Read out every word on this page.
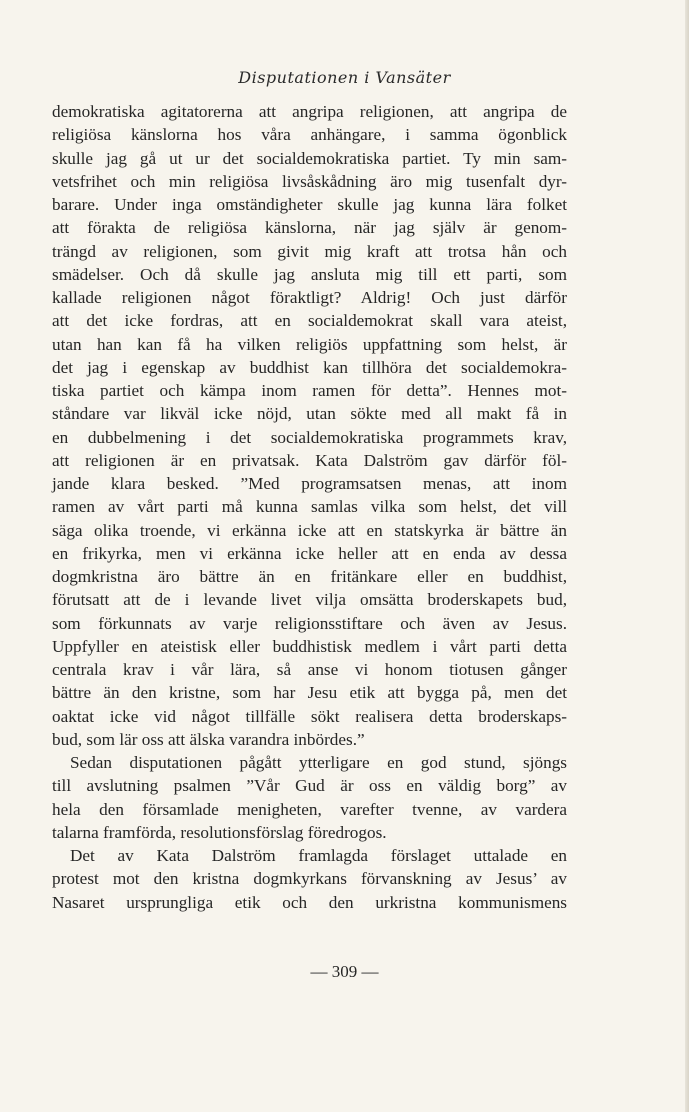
Disputationen i Vansäter
demokratiska agitatorerna att angripa religionen, att angripa de
religiösa känslorna hos våra anhängare, i samma ögonblick
skulle jag gå ut ur det socialdemokratiska partiet. Ty min sam-
vetsfrihet och min religiösa livsåskådning äro mig tusenfalt dyr-
barare. Under inga omständigheter skulle jag kunna lära folket
att förakta de religiösa känslorna, när jag själv är genom-
trängd av religionen, som givit mig kraft att trotsa hån och
smädelser. Och då skulle jag ansluta mig till ett parti, som
kallade religionen något föraktligt? Aldrig! Och just därför
att det icke fordras, att en socialdemokrat skall vara ateist,
utan han kan få ha vilken religiös uppfattning som helst, är
det jag i egenskap av buddhist kan tillhöra det socialdemokra-
tiska partiet och kämpa inom ramen för detta”. Hennes mot-
ståndare var likväl icke nöjd, utan sökte med all makt få in
en dubbelmening i det socialdemokratiska programmets krav,
att religionen är en privatsak. Kata Dalström gav därför föl-
jande klara besked. ”Med programsatsen menas, att inom
ramen av vårt parti må kunna samlas vilka som helst, det vill
säga olika troende, vi erkänna icke att en statskyrka är bättre än
en frikyrka, men vi erkänna icke heller att en enda av dessa
dogmkristna äro bättre än en fritänkare eller en buddhist,
förutsatt att de i levande livet vilja omsätta broderskapets bud,
som förkunnats av varje religionsstiftare och även av Jesus.
Uppfyller en ateistisk eller buddhistisk medlem i vårt parti detta
centrala krav i vår lära, så anse vi honom tiotusen gånger
bättre än den kristne, som har Jesu etik att bygga på, men det
oaktat icke vid något tillfälle sökt realisera detta broderskaps-
bud, som lär oss att älska varandra inbördes.”
Sedan disputationen pågått ytterligare en god stund, sjöngs
till avslutning psalmen ”Vår Gud är oss en väldig borg” av
hela den församlade menigheten, varefter tvenne, av vardera
talarna framförda, resolutionsförslag föredrogos.
Det av Kata Dalström framlagda förslaget uttalade en
protest mot den kristna dogmkyrkans förvanskning av Jesus’ av
Nasaret ursprungliga etik och den urkristna kommunismens
— 309 —
